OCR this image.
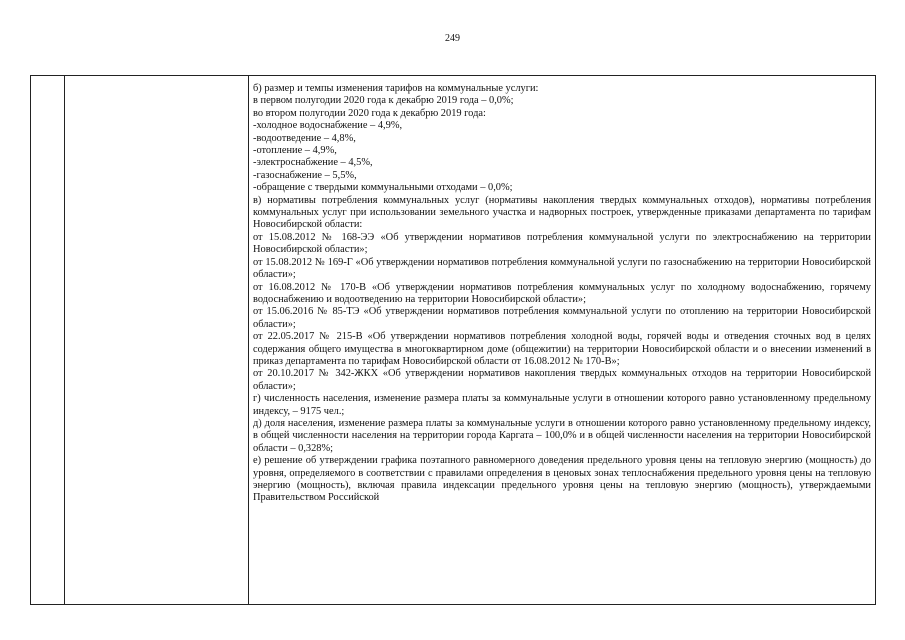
249

б) размер и темпы изменения тарифов на коммунальные услуги:

в первом полугодии 2020 года к декабрю 2019 года – 0,0%;

во втором полугодии 2020 года к декабрю 2019 года:

-холодное водоснабжение – 4,9%,

-водоотведение – 4,8%,

-отопление – 4,9%,

-электроснабжение – 4,5%,

-газоснабжение – 5,5%,

-обращение с твердыми коммунальными отходами – 0,0%;

в) нормативы потребления коммунальных услуг (нормативы накопления твердых коммунальных отходов), нормативы потребления коммунальных услуг при использовании земельного участка и надворных построек, утвержденные приказами департамента по тарифам Новосибирской области:

от 15.08.2012 № 168-ЭЭ «Об утверждении нормативов потребления коммунальной услуги по электроснабжению на территории Новосибирской области»;

от 15.08.2012 № 169-Г «Об утверждении нормативов потребления коммунальной услуги по газоснабжению на территории Новосибирской области»;

от 16.08.2012 № 170-В «Об утверждении нормативов потребления коммунальных услуг по холодному водоснабжению, горячему водоснабжению и водоотведению на территории Новосибирской области»;

от 15.06.2016 № 85-ТЭ «Об утверждении нормативов потребления коммунальной услуги по отоплению на территории Новосибирской области»;

от 22.05.2017 № 215-В «Об утверждении нормативов потребления холодной воды, горячей воды и отведения сточных вод в целях содержания общего имущества в многоквартирном доме (общежитии) на территории Новосибирской области и о внесении изменений в приказ департамента по тарифам Новосибирской области от 16.08.2012 № 170-В»;

от 20.10.2017 № 342-ЖКХ «Об утверждении нормативов накопления твердых коммунальных отходов на территории Новосибирской области»;

г) численность населения, изменение размера платы за коммунальные услуги в отношении которого равно установленному предельному индексу, – 9175 чел.;

д) доля населения, изменение размера платы за коммунальные услуги в отношении которого равно установленному предельному индексу, в общей численности населения на территории города Каргата – 100,0% и в общей численности населения на территории Новосибирской области – 0,328%;

е) решение об утверждении графика поэтапного равномерного доведения предельного уровня цены на тепловую энергию (мощность) до уровня, определяемого в соответствии с правилами определения в ценовых зонах теплоснабжения предельного уровня цены на тепловую энергию (мощность), включая правила индексации предельного уровня цены на тепловую энергию (мощность), утверждаемыми Правительством Российской
